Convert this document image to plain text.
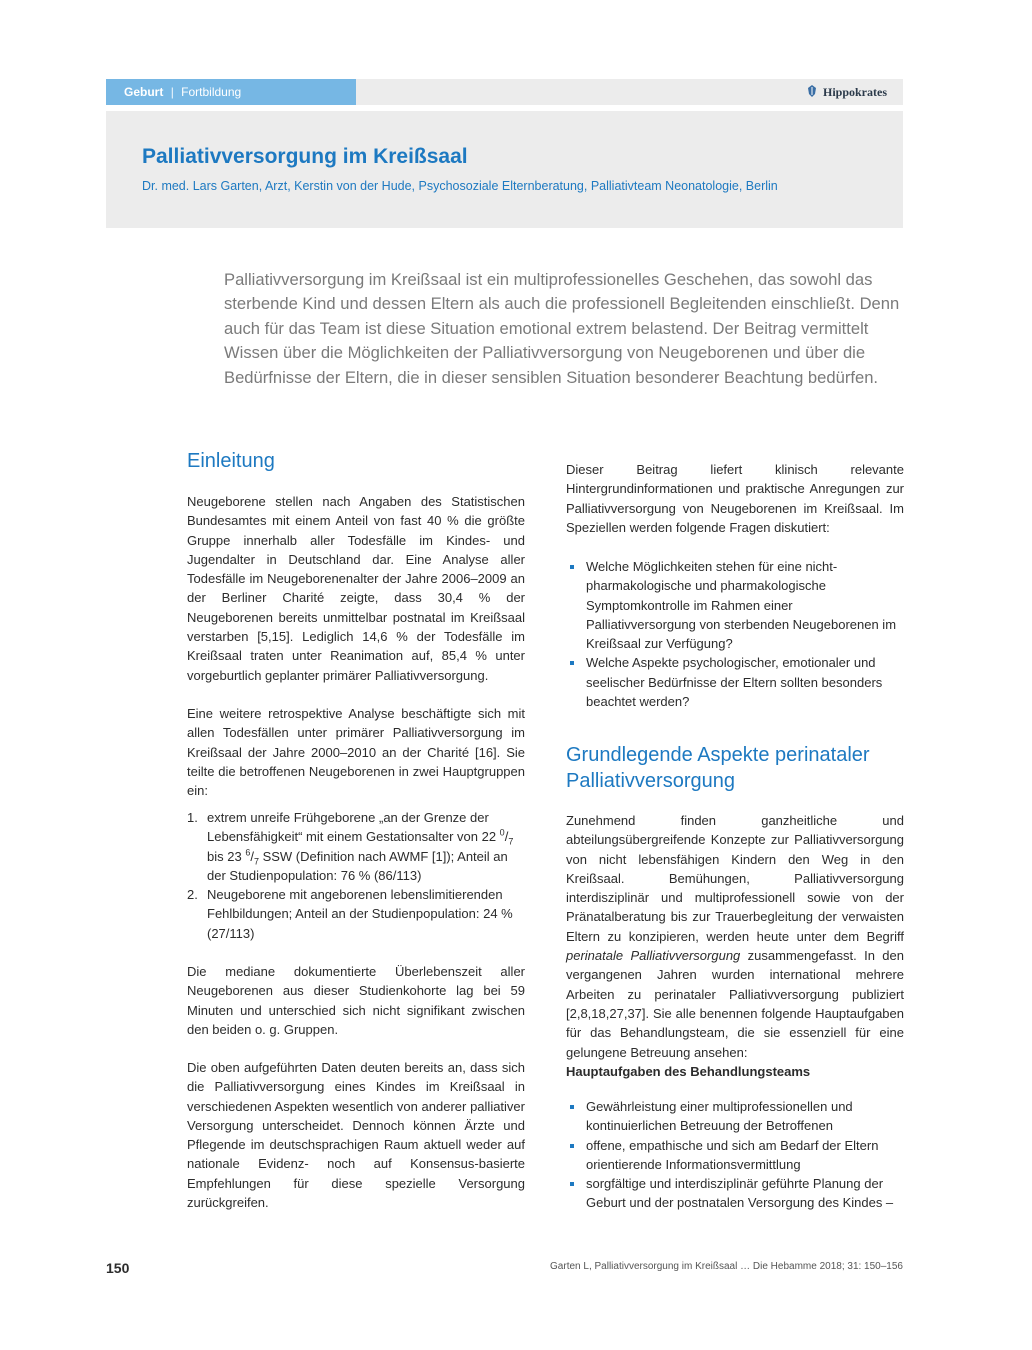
Geburt | Fortbildung	Hippokrates
Palliativversorgung im Kreißsaal
Dr. med. Lars Garten, Arzt, Kerstin von der Hude, Psychosoziale Elternberatung, Palliativteam Neonatologie, Berlin

Palliativversorgung im Kreißsaal ist ein multiprofessionelles Geschehen, das sowohl das sterbende Kind und dessen Eltern als auch die professionell Begleitenden einschließt. Denn auch für das Team ist diese Situation emotional extrem belastend. Der Beitrag vermittelt Wissen über die Möglichkeiten der Palliativversorgung von Neugeborenen und über die Bedürfnisse der Eltern, die in dieser sensiblen Situation besonderer Beachtung bedürfen.

Einleitung

Neugeborene stellen nach Angaben des Statistischen Bundesamtes mit einem Anteil von fast 40 % die größte Gruppe innerhalb aller Todesfälle im Kindes- und Jugendalter in Deutschland dar. Eine Analyse aller Todesfälle im Neugeborenenalter der Jahre 2006–2009 an der Berliner Charité zeigte, dass 30,4 % der Neugeborenen bereits unmittelbar postnatal im Kreißsaal verstarben [5,15]. Lediglich 14,6 % der Todesfälle im Kreißsaal traten unter Reanimation auf, 85,4 % unter vorgeburtlich geplanter primärer Palliativversorgung.

Eine weitere retrospektive Analyse beschäftigte sich mit allen Todesfällen unter primärer Palliativversorgung im Kreißsaal der Jahre 2000–2010 an der Charité [16]. Sie teilte die betroffenen Neugeborenen in zwei Hauptgruppen ein:

1. extrem unreife Frühgeborene „an der Grenze der Lebensfähigkeit“ mit einem Gestationsalter von 22 $^0/_7$ bis 23 $^6/_7$ SSW (Definition nach AWMF [1]); Anteil an der Studienpopulation: 76 % (86/113)
2. Neugeborene mit angeborenen lebenslimitierenden Fehlbildungen; Anteil an der Studienpopulation: 24 % (27/113)

Die mediane dokumentierte Überlebenszeit aller Neugeborenen aus dieser Studienkohorte lag bei 59 Minuten und unterschied sich nicht signifikant zwischen den beiden o. g. Gruppen.

Die oben aufgeführten Daten deuten bereits an, dass sich die Palliativversorgung eines Kindes im Kreißsaal in verschiedenen Aspekten wesentlich von anderer palliativer Versorgung unterscheidet. Dennoch können Ärzte und Pflegende im deutschsprachigen Raum aktuell weder auf nationale Evidenz- noch auf Konsensus-basierte Empfehlungen für diese spezielle Versorgung zurückgreifen.

Dieser Beitrag liefert klinisch relevante Hintergrundinformationen und praktische Anregungen zur Palliativversorgung von Neugeborenen im Kreißsaal. Im Speziellen werden folgende Fragen diskutiert:

Welche Möglichkeiten stehen für eine nicht-pharmakologische und pharmakologische Symptomkontrolle im Rahmen einer Palliativversorgung von sterbenden Neugeborenen im Kreißsaal zur Verfügung?
Welche Aspekte psychologischer, emotionaler und seelischer Bedürfnisse der Eltern sollten besonders beachtet werden?
Grundlegende Aspekte perinataler Palliativversorgung

Zunehmend finden ganzheitliche und abteilungsübergreifende Konzepte zur Palliativversorgung von nicht lebensfähigen Kindern den Weg in den Kreißsaal. Bemühungen, Palliativversorgung interdisziplinär und multiprofessionell sowie von der Pränatalberatung bis zur Trauerbegleitung der verwaisten Eltern zu konzipieren, werden heute unter dem Begriff perinatale Palliativversorgung zusammengefasst. In den vergangenen Jahren wurden international mehrere Arbeiten zu perinataler Palliativversorgung publiziert [2,8,18,27,37]. Sie alle benennen folgende Hauptaufgaben für das Behandlungsteam, die sie essenziell für eine gelungene Betreuung ansehen:

Hauptaufgaben des Behandlungsteams
Gewährleistung einer multiprofessionellen und kontinuierlichen Betreuung der Betroffenen
offene, empathische und sich am Bedarf der Eltern orientierende Informationsvermittlung
sorgfältige und interdisziplinär geführte Planung der Geburt und der postnatalen Versorgung des Kindes –
150	Garten L, Palliativversorgung im Kreißsaal … Die Hebamme 2018; 31: 150–156
